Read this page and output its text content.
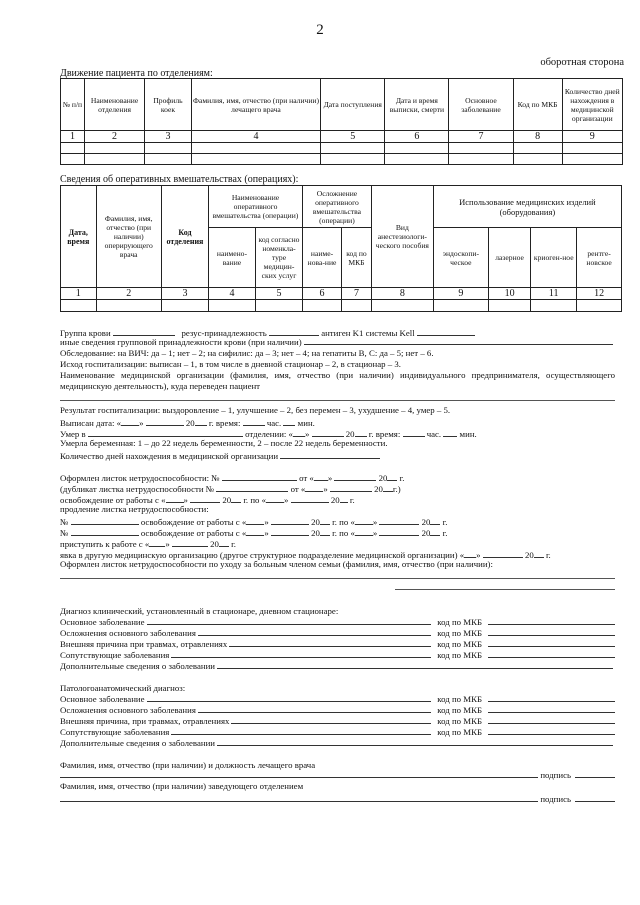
2
оборотная сторона
Движение пациента по отделениям:
№ п/п	Наименование отделения	Профиль коек	Фамилия, имя, отчество (при наличии) лечащего врача	Дата поступления	Дата и время выписки, смерти	Основное заболевание	Код по МКБ	Количество дней нахождения в медицинской организации
1	2	3	4	5	6	7	8	9

Сведения об оперативных вмешательствах (операциях):
Дата, время	Фамилия, имя, отчество (при наличии) оперирующего врача	Код отделения	Наименование оперативного вмешательства (операции)		Осложнение оперативного вмешательства (операции)		Вид анестезиологи-ческого пособия	Использование медицинских изделий (оборудования)			
			наимено-вание	код согласно номенкла-туре медицин-ских услуг	наиме-нова-ние	код по МКБ		эндоскопи-ческое	лазерное	криоген-ное	рентге-новское
1	2	3	4	5	6	7	8	9	10	11	12

Группа крови	резус-принадлежность	антиген K1 системы Kell
иные сведения групповой принадлежности крови (при наличии)
Обследование: на ВИЧ: да – 1; нет – 2; на сифилис: да – 3; нет – 4; на гепатиты B, C: да – 5; нет – 6.
Исход госпитализации: выписан – 1, в том числе в дневной стационар – 2, в стационар – 3.
Наименование медицинской организации (фамилия, имя, отчество (при наличии) индивидуального предпринимателя, осуществляющего медицинскую деятельность), куда переведен пациент
Результат госпитализации: выздоровление – 1, улучшение – 2, без перемен – 3, ухудшение – 4, умер – 5.
Выписан дата: « »	20 г. время:	час. мин.
Умер в	отделении: « »	20 г. время:	час. мин.
Умерла беременная: 1 – до 22 недель беременности, 2 – после 22 недель беременности.
Количество дней нахождения в медицинской организации
Оформлен листок нетрудоспособности: №	от « »	20 г.
(дубликат листка нетрудоспособности №	от « »	20 г.)
освобождение от работы с « »	20 г. по « »	20 г.
продление листка нетрудоспособности:
№	освобождение от работы с « »	20 г. по « »	20 г.
№	освобождение от работы с « »	20 г. по « »	20 г.
приступить к работе с « »	20 г.
явка в другую медицинскую организацию (другое структурное подразделение медицинской организации) « »	20 г.
Оформлен листок нетрудоспособности по уходу за больным членом семьи (фамилия, имя, отчество (при наличии):
Диагноз клинический, установленный в стационаре, дневном стационаре:
Основное заболевание	код по МКБ
Осложнения основного заболевания	код по МКБ
Внешняя причина при травмах, отравлениях	код по МКБ
Сопутствующие заболевания	код по МКБ
Дополнительные сведения о заболевании
Патологоанатомический диагноз:
Основное заболевание	код по МКБ
Осложнения основного заболевания	код по МКБ
Внешняя причина, при травмах, отравлениях	код по МКБ
Сопутствующие заболевания	код по МКБ
Дополнительные сведения о заболевании
Фамилия, имя, отчество (при наличии) и должность лечащего врача
подпись
Фамилия, имя, отчество (при наличии) заведующего отделением
подпись
